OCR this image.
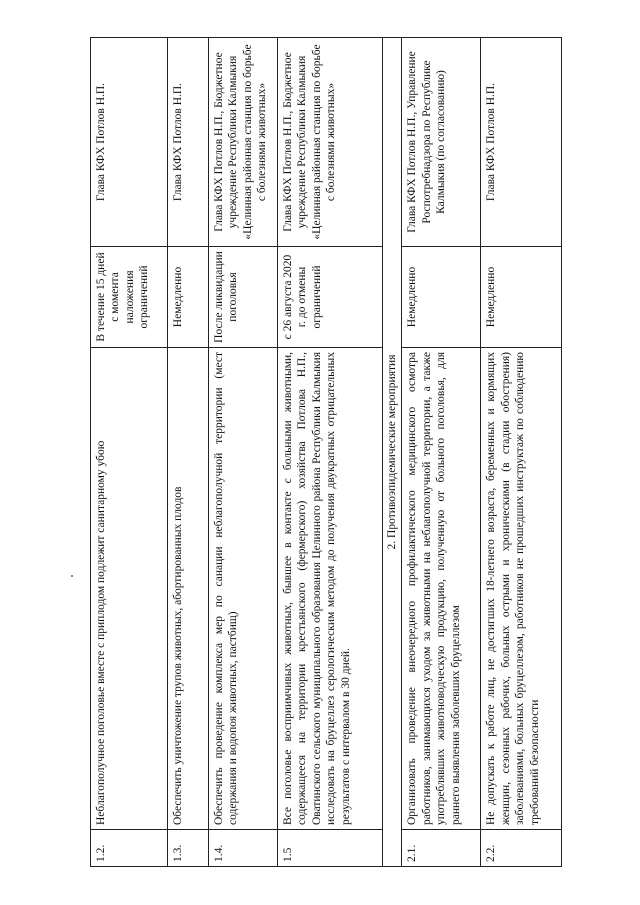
1.2.	Неблагополучное поголовье вместе с приплодом подлежит санитарному убою	В течение 15 дней с момента наложения ограничений	Глава КФХ Потлов Н.П.
1.3.	Обеспечить уничтожение трупов животных, абортированных плодов	Немедленно	Глава КФХ Потлов Н.П.
1.4.	Обеспечить проведение комплекса мер по санации неблагополучной территории (мест содержания и водопоя животных, пастбищ)	После ликвидации поголовья	Глава КФХ Потлов Н.П., Бюджетное учреждение Республики Калмыкия «Целинная районная станция по борьбе с болезнями животных»
1.5	Все поголовье восприимчивых животных, бывшее в контакте с больными животными, содержащееся на территории крестьянского (фермерского) хозяйства Потлова Н.П., Оватинского сельского муниципального образования Целинного района Республики Калмыкия исследовать на бруцеллез серологическим методом до получения двукратных отрицательных результатов с интервалом в 30 дней.	с 26 августа 2020 г. до отмены ограничений	Глава КФХ Потлов Н.П., Бюджетное учреждение Республики Калмыкия «Целинная районная станция по борьбе с болезнями животных»
2. Противоэпидемические мероприятия			
2.1.	Организовать проведение внеочередного профилактического медицинского осмотра работников, занимающихся уходом за животными на неблагополучной территории, а также употреблявших животноводческую продукцию, полученную от больного поголовья, для раннего выявления заболевших бруцеллезом	Немедленно	Глава КФХ Потлов Н.П., Управление Роспотребнадзора по Республике Калмыкия (по согласованию)
2.2.	Не допускать к работе лиц, не достигших 18-летнего возраста, беременных и кормящих женщин, сезонных рабочих, больных острыми и хроническими (в стадии обострения) заболеваниями, больных бруцеллезом, работников не прошедших инструктаж по соблюдению требований безопасности	Немедленно	Глава КФХ Потлов Н.П.
